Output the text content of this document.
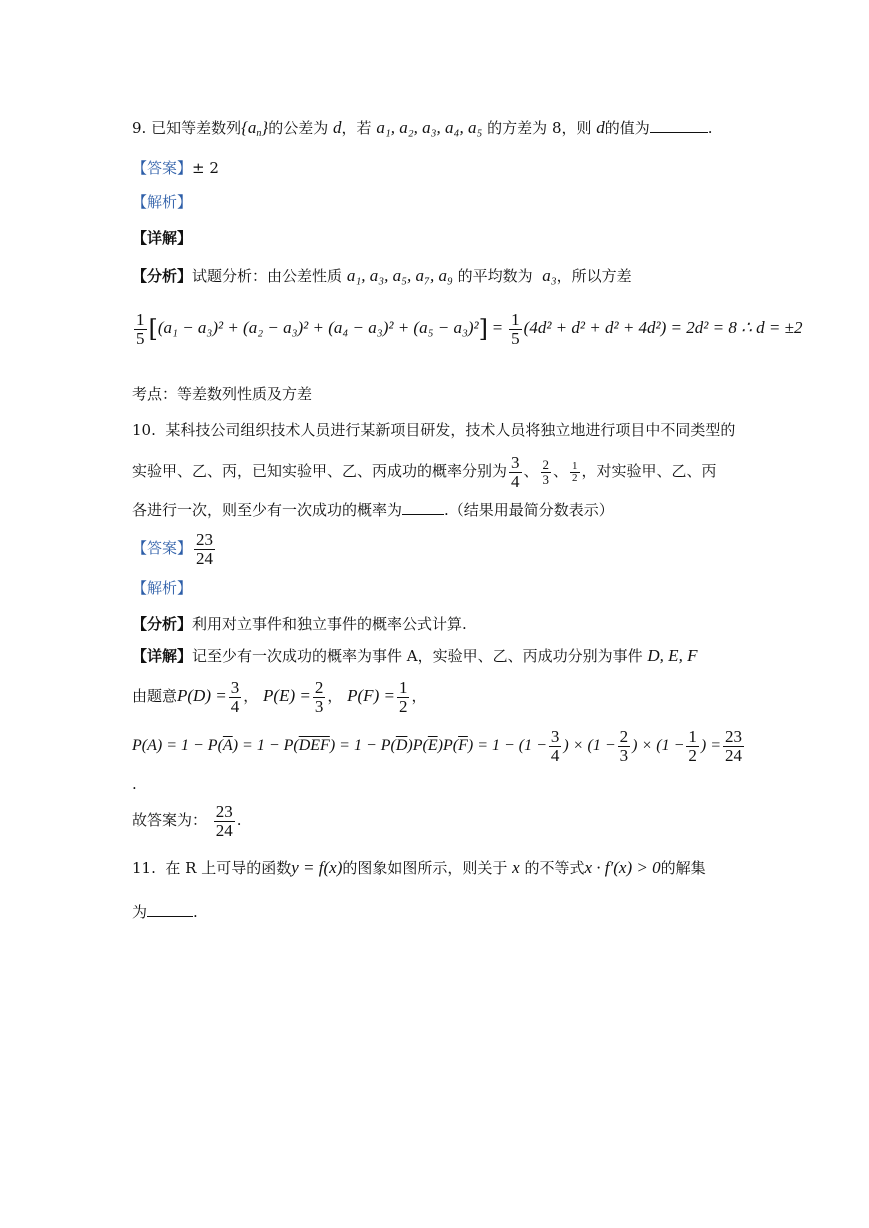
9. 已知等差数列$\{a_n\}$的公差为 d，若 a₁, a₂, a₃, a₄, a₅ 的方差为 8，则 d的值为	.
【答案】± 2
【解析】
【详解】
【分析】试题分析：由公差性质 a₁, a₃, a₅, a₇, a₉ 的平均数为 a₃，所以方差
$\frac{1}{5} [(a_1 - a_3)^2 + (a_2 - a_3)^2 + (a_4 - a_3)^2 + (a_5 - a_3)^2] = \frac{1}{5} (4d^2 + d^2 + d^2 + 4d^2) = 2d^2 = 8$ ∴ d = ±2
考点：等差数列性质及方差
10. 某科技公司组织技术人员进行某新项目研发，技术人员将独立地进行项目中不同类型的
实验甲、乙、丙，已知实验甲、乙、丙成功的概率分别为 $\frac{3}{4}$ 、 $\frac{2}{3}$ 、 $\frac{1}{2}$ ，对实验甲、乙、丙
各进行一次，则至少有一次成功的概率为	.（结果用最简分数表示）
【答案】 $\frac{23}{24}$
【解析】
【分析】利用对立事件和独立事件的概率公式计算.
【详解】记至少有一次成功的概率为事件 A，实验甲、乙、丙成功分别为事件 D, E, F
由题意$P(D) = \frac{3}{4}$ ， $P(E) = \frac{2}{3}$ ， $P(F) = \frac{1}{2}$ ，
$P(A) = 1 - P(\overline{A}) = 1 - P(\overline{DEF}) = 1 - P(\overline{D})P(\overline{E})P(\overline{F}) = 1 - (1 - \frac{3}{4}$ ) × ($1 - \frac{2}{3}$ ) × ($1 - \frac{1}{2}$ ) = $\frac{23}{24}$
.
故答案为： $\frac{23}{24}$ .
11. 在 R 上可导的函数y = f(x)的图象如图所示，则关于 x 的不等式x · f′(x) > 0的解集
为	.
